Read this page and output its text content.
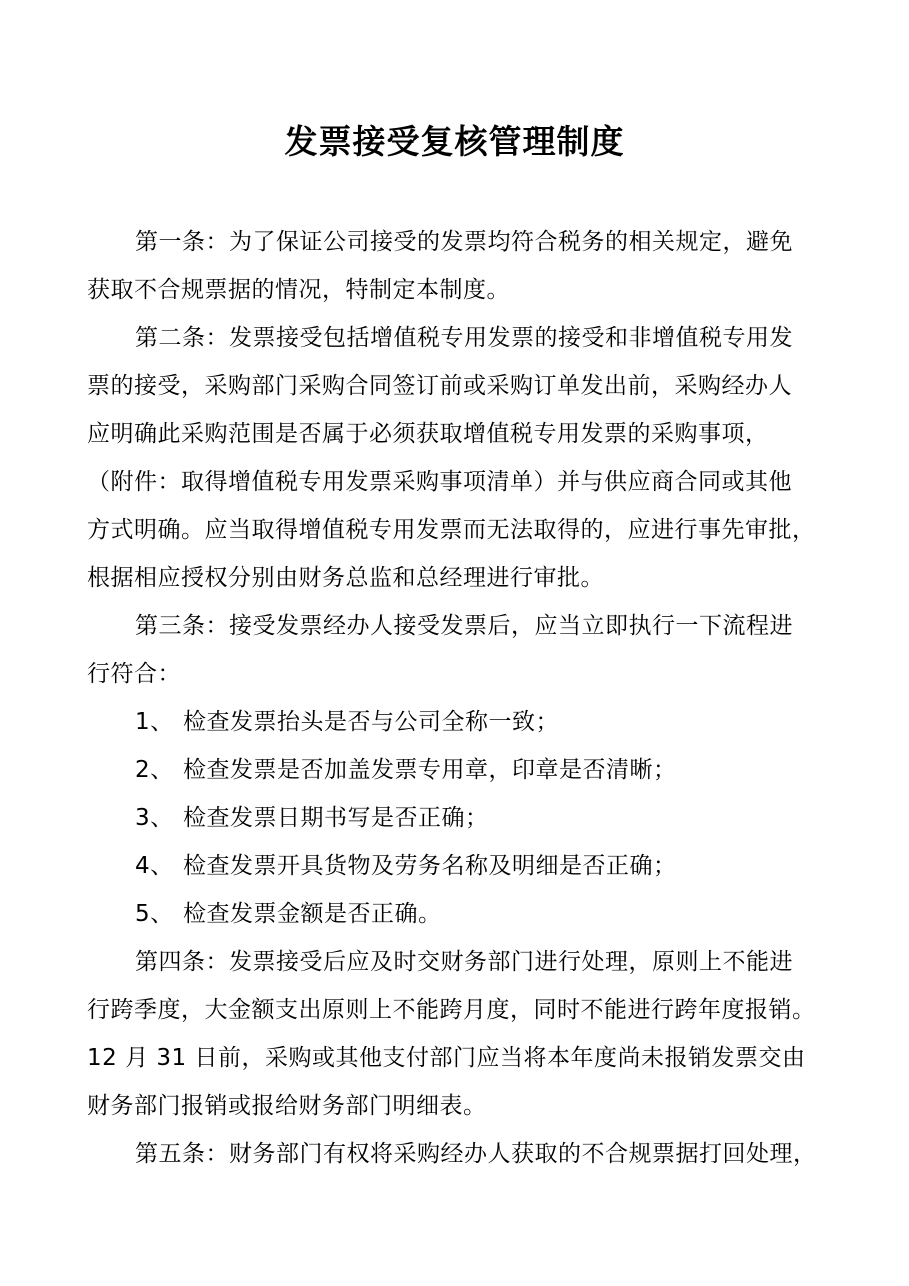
发票接受复核管理制度

第一条：为了保证公司接受的发票均符合税务的相关规定，避免
获取不合规票据的情况，特制定本制度。

第二条：发票接受包括增值税专用发票的接受和非增值税专用发
票的接受，采购部门采购合同签订前或采购订单发出前，采购经办人
应明确此采购范围是否属于必须获取增值税专用发票的采购事项，
（附件：取得增值税专用发票采购事项清单）并与供应商合同或其他
方式明确。应当取得增值税专用发票而无法取得的，应进行事先审批，
根据相应授权分别由财务总监和总经理进行审批。

第三条：接受发票经办人接受发票后，应当立即执行一下流程进
行符合：

1、 检查发票抬头是否与公司全称一致；
2、 检查发票是否加盖发票专用章，印章是否清晰；
3、 检查发票日期书写是否正确；
4、 检查发票开具货物及劳务名称及明细是否正确；
5、 检查发票金额是否正确。

第四条：发票接受后应及时交财务部门进行处理，原则上不能进
行跨季度，大金额支出原则上不能跨月度，同时不能进行跨年度报销。
12 月 31 日前，采购或其他支付部门应当将本年度尚未报销发票交由
财务部门报销或报给财务部门明细表。

第五条：财务部门有权将采购经办人获取的不合规票据打回处理，
